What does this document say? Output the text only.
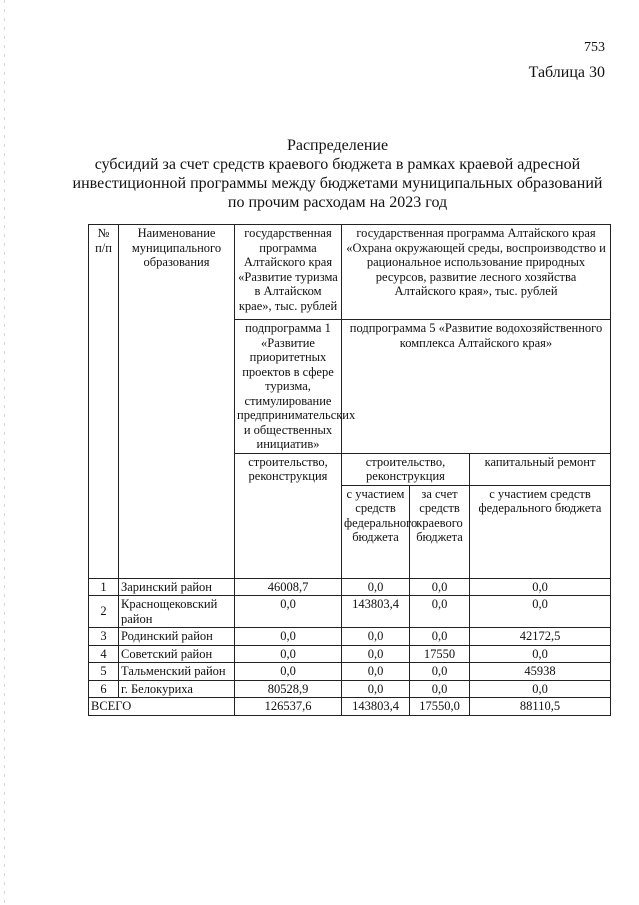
753
Таблица 30
Распределение
субсидий за счет средств краевого бюджета в рамках краевой адресной
инвестиционной программы между бюджетами муниципальных образований
по прочим расходам на 2023 год
№ п/п	Наименование муниципального образования	государственная программа Алтайского края «Развитие туризма в Алтайском крае», тыс. рублей	государственная программа Алтайского края «Охрана окружающей среды, воспроизводство и рациональное использование природных ресурсов, развитие лесного хозяйства Алтайского края», тыс. рублей		
		подпрограмма 1 «Развитие приоритетных проектов в сфере туризма, стимулирование предпринимательских и общественных инициатив»	подпрограмма 5 «Развитие водохозяйственного комплекса Алтайского края»		
		строительство, реконструкция	строительство, реконструкция		капитальный ремонт
			с участием средств федерального бюджета	за счет средств краевого бюджета	с участием средств федерального бюджета
1	Заринский район	46008,7	0,0	0,0	0,0
2	Краснощековский район	0,0	143803,4	0,0	0,0
3	Родинский район	0,0	0,0	0,0	42172,5
4	Советский район	0,0	0,0	17550	0,0
5	Тальменский район	0,0	0,0	0,0	45938
6	г. Белокуриха	80528,9	0,0	0,0	0,0
ВСЕГО		126537,6	143803,4	17550,0	88110,5
